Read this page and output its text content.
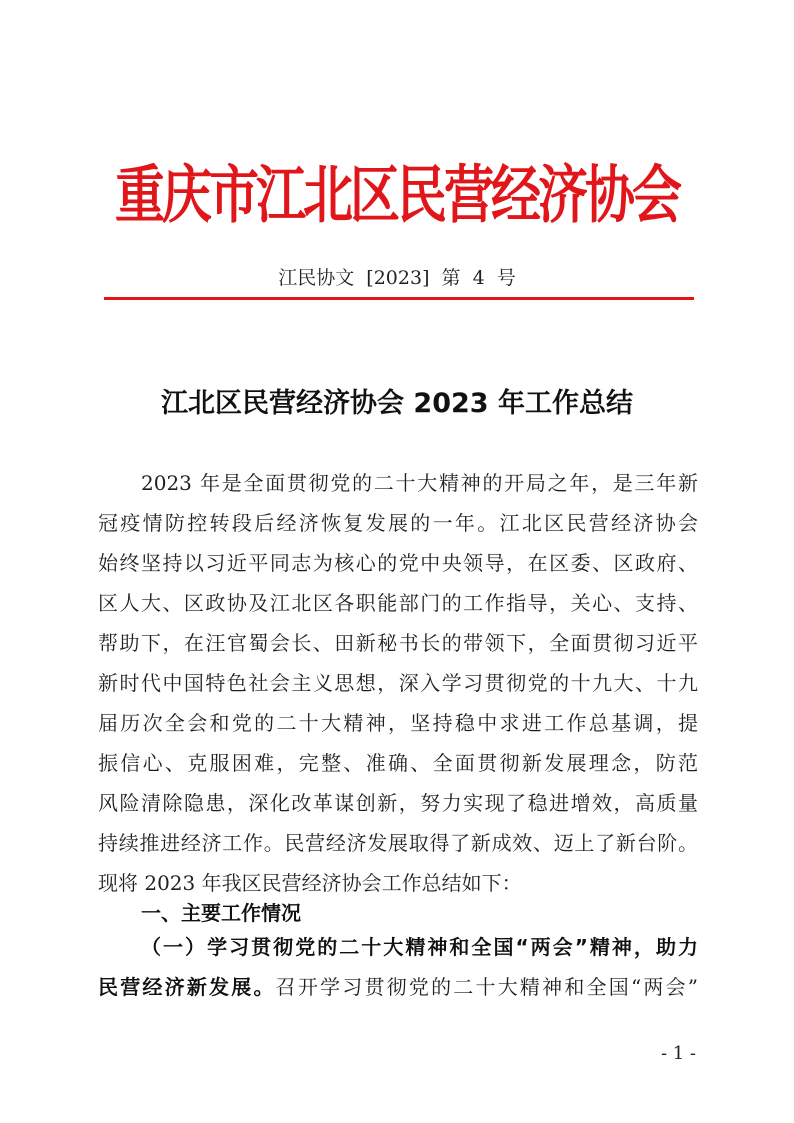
重庆市江北区民营经济协会
江民协文 [2023] 第 4 号
江北区民营经济协会 2023 年工作总结
2023 年是全面贯彻党的二十大精神的开局之年，是三年新
冠疫情防控转段后经济恢复发展的一年。江北区民营经济协会
始终坚持以习近平同志为核心的党中央领导，在区委、区政府、
区人大、区政协及江北区各职能部门的工作指导，关心、支持、
帮助下，在汪官蜀会长、田新秘书长的带领下，全面贯彻习近平
新时代中国特色社会主义思想，深入学习贯彻党的十九大、十九
届历次全会和党的二十大精神，坚持稳中求进工作总基调，提
振信心、克服困难，完整、准确、全面贯彻新发展理念，防范
风险清除隐患，深化改革谋创新，努力实现了稳进增效，高质量
持续推进经济工作。民营经济发展取得了新成效、迈上了新台阶。
现将 2023 年我区民营经济协会工作总结如下：
一、主要工作情况
（一）学习贯彻党的二十大精神和全国“两会”精神，助力
民营经济新发展。召开学习贯彻党的二十大精神和全国“两会”
- 1 -
